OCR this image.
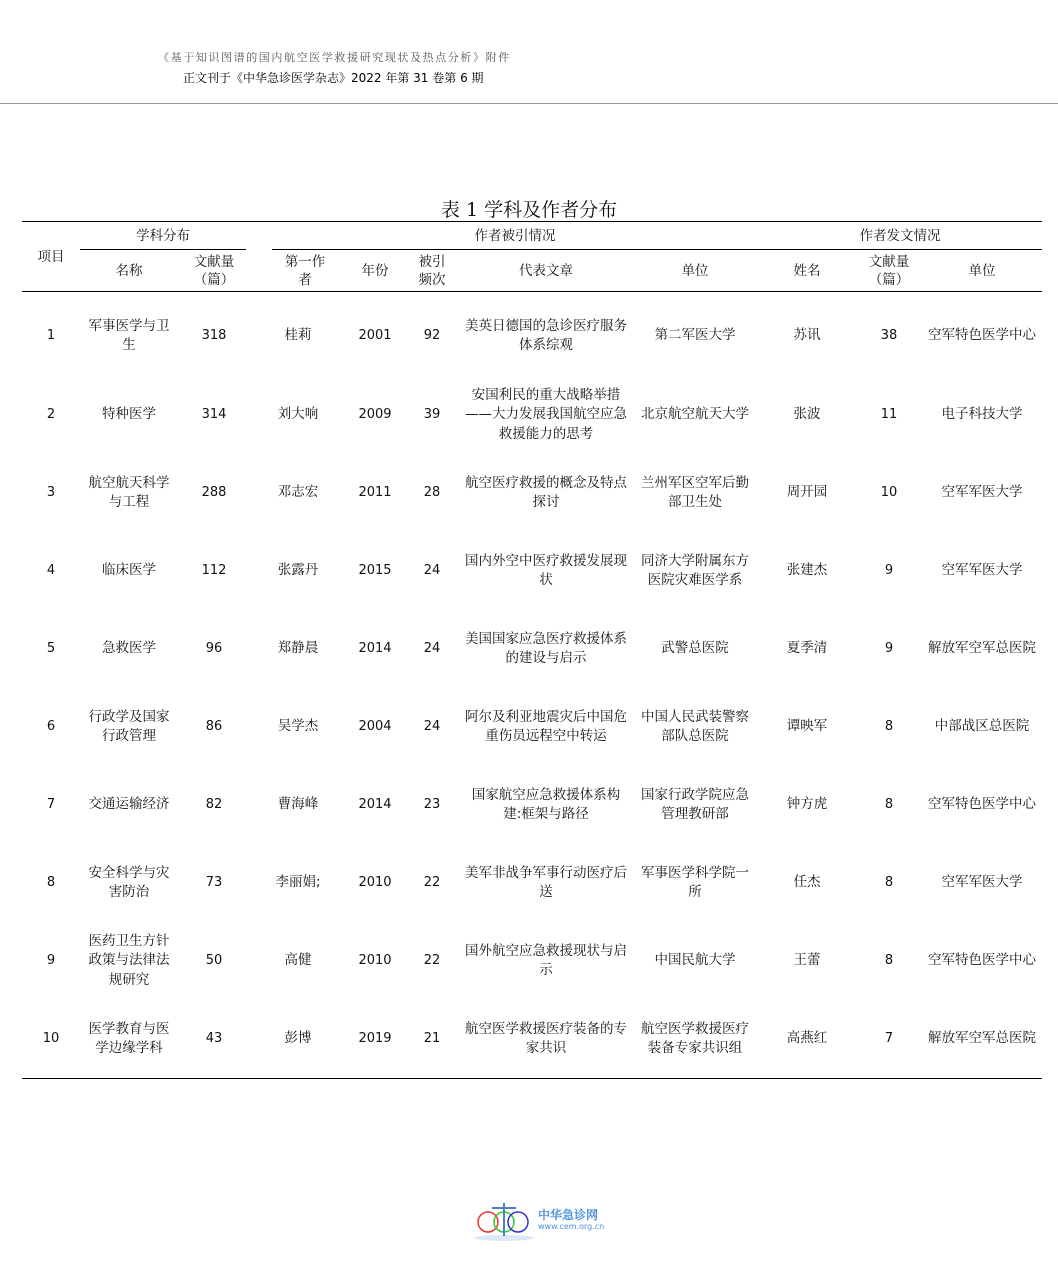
《基于知识图谱的国内航空医学救援研究现状及热点分析》附件
正文刊于《中华急诊医学杂志》2022 年第 31 卷第 6 期
表 1 学科及作者分布
项目	学科分布		作者被引情况					作者发文情况		

	名称	文献量（篇）	第一作者	年份	被引频次	代表文章	单位	姓名	文献量（篇）	单位
1	军事医学与卫生	318	桂莉	2001	92	美英日德国的急诊医疗服务体系综观	第二军医大学	苏讯	38	空军特色医学中心
2	特种医学	314	刘大响	2009	39	安国利民的重大战略举措——大力发展我国航空应急救援能力的思考	北京航空航天大学	张波	11	电子科技大学
3	航空航天科学与工程	288	邓志宏	2011	28	航空医疗救援的概念及特点探讨	兰州军区空军后勤部卫生处	周开园	10	空军军医大学
4	临床医学	112	张露丹	2015	24	国内外空中医疗救援发展现状	同济大学附属东方医院灾难医学系	张建杰	9	空军军医大学
5	急救医学	96	郑静晨	2014	24	美国国家应急医疗救援体系的建设与启示	武警总医院	夏季清	9	解放军空军总医院
6	行政学及国家行政管理	86	吴学杰	2004	24	阿尔及利亚地震灾后中国危重伤员远程空中转运	中国人民武装警察部队总医院	谭映军	8	中部战区总医院
7	交通运输经济	82	曹海峰	2014	23	国家航空应急救援体系构建:框架与路径	国家行政学院应急管理教研部	钟方虎	8	空军特色医学中心
8	安全科学与灾害防治	73	李丽娟;	2010	22	美军非战争军事行动医疗后送	军事医学科学院一所	任杰	8	空军军医大学
9	医药卫生方针政策与法律法规研究	50	高健	2010	22	国外航空应急救援现状与启示	中国民航大学	王蕾	8	空军特色医学中心
10	医学教育与医学边缘学科	43	彭博	2019	21	航空医学救援医疗装备的专家共识	航空医学救援医疗装备专家共识组	高燕红	7	解放军空军总医院
中华急诊网
www.cem.org.cn
